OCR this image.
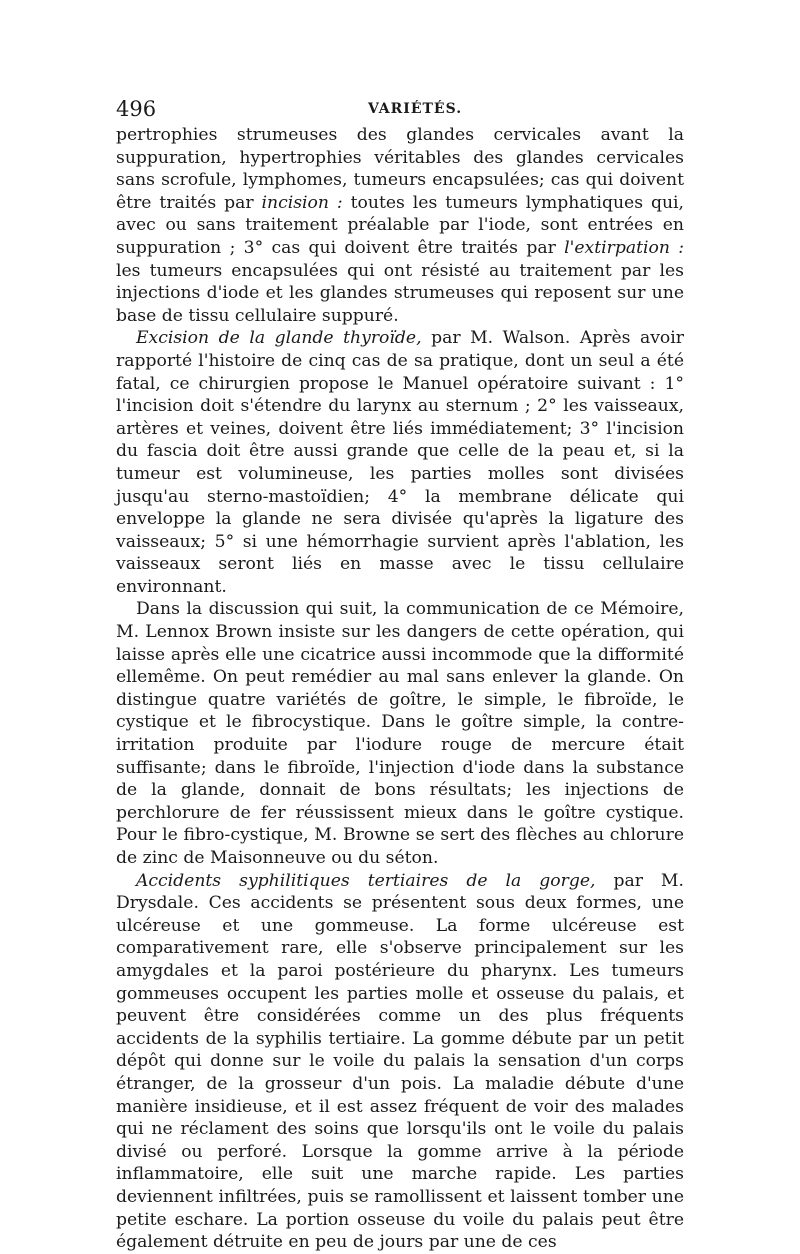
496	VARIÉTÉS.

pertrophies strumeuses des glandes cervicales avant la suppuration, hypertrophies véritables des glandes cervicales sans scrofule, lymphomes, tumeurs encapsulées; cas qui doivent être traités par incision : toutes les tumeurs lymphatiques qui, avec ou sans traitement préalable par l'iode, sont entrées en suppuration ; 3° cas qui doivent être traités par l'extirpation : les tumeurs encapsulées qui ont résisté au traitement par les injections d'iode et les glandes strumeuses qui reposent sur une base de tissu cellulaire suppuré.

Excision de la glande thyroïde, par M. Walson. Après avoir rapporté l'histoire de cinq cas de sa pratique, dont un seul a été fatal, ce chirurgien propose le Manuel opératoire suivant : 1° l'incision doit s'étendre du larynx au sternum ; 2° les vaisseaux, artères et veines, doivent être liés immédiatement; 3° l'incision du fascia doit être aussi grande que celle de la peau et, si la tumeur est volumineuse, les parties molles sont divisées jusqu'au sterno-mastoïdien; 4° la membrane délicate qui enveloppe la glande ne sera divisée qu'après la ligature des vaisseaux; 5° si une hémorrhagie survient après l'ablation, les vaisseaux seront liés en masse avec le tissu cellulaire environnant.

Dans la discussion qui suit, la communication de ce Mémoire, M. Lennox Brown insiste sur les dangers de cette opération, qui laisse après elle une cicatrice aussi incommode que la difformité ellemême. On peut remédier au mal sans enlever la glande. On distingue quatre variétés de goître, le simple, le fibroïde, le cystique et le fibrocystique. Dans le goître simple, la contre-irritation produite par l'iodure rouge de mercure était suffisante; dans le fibroïde, l'injection d'iode dans la substance de la glande, donnait de bons résultats; les injections de perchlorure de fer réussissent mieux dans le goître cystique. Pour le fibro-cystique, M. Browne se sert des flèches au chlorure de zinc de Maisonneuve ou du séton.

Accidents syphilitiques tertiaires de la gorge, par M. Drysdale. Ces accidents se présentent sous deux formes, une ulcéreuse et une gommeuse. La forme ulcéreuse est comparativement rare, elle s'observe principalement sur les amygdales et la paroi postérieure du pharynx. Les tumeurs gommeuses occupent les parties molle et osseuse du palais, et peuvent être considérées comme un des plus fréquents accidents de la syphilis tertiaire. La gomme débute par un petit dépôt qui donne sur le voile du palais la sensation d'un corps étranger, de la grosseur d'un pois. La maladie débute d'une manière insidieuse, et il est assez fréquent de voir des malades qui ne réclament des soins que lorsqu'ils ont le voile du palais divisé ou perforé. Lorsque la gomme arrive à la période inflammatoire, elle suit une marche rapide. Les parties deviennent infiltrées, puis se ramollissent et laissent tomber une petite eschare. La portion osseuse du voile du palais peut être également détruite en peu de jours par une de ces
